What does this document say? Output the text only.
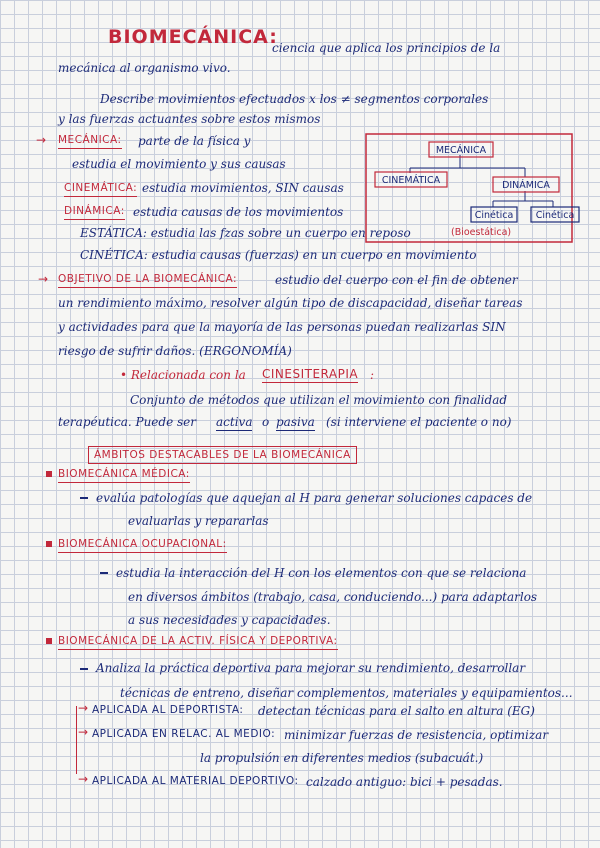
BIOMECÁNICA:
ciencia que aplica los principios de la
mecánica al organismo vivo.
Describe movimientos efectuados x los ≠ segmentos corporales
y las fuerzas actuantes sobre estos mismos
→ MECÁNICA: parte de la física y
estudia el movimiento y sus causas
CINEMÁTICA: estudia movimientos, SIN causas
DINÁMICA: estudia causas de los movimientos
ESTÁTICA: estudia las fzas sobre un cuerpo en reposo
CINÉTICA: estudia causas (fuerzas) en un cuerpo en movimiento
MECÁNICA
CINEMÁTICA	DINÁMICA
Cinética Cinética
(Bioestática)
→ OBJETIVO DE LA BIOMECÁNICA:	estudio del cuerpo con el fin de obtener
un rendimiento máximo, resolver algún tipo de discapacidad, diseñar tareas
y actividades para que la mayoría de las personas puedan realizarlas SIN
riesgo de sufrir daños. (ERGONOMÍA)
• Relacionada con la CINESITERAPIA :
Conjunto de métodos que utilizan el movimiento con finalidad
terapéutica. Puede ser activa o pasiva (si interviene el paciente o no)
ÁMBITOS DESTACABLES DE LA BIOMECÁNICA
BIOMECÁNICA MÉDICA:
evalúa patologías que aquejan al H para generar soluciones capaces de
evaluarlas y repararlas
BIOMECÁNICA OCUPACIONAL:
estudia la interacción del H con los elementos con que se relaciona
en diversos ámbitos (trabajo, casa, conduciendo...) para adaptarlos
a sus necesidades y capacidades.
BIOMECÁNICA DE LA ACTIV. FÍSICA Y DEPORTIVA:
Analiza la práctica deportiva para mejorar su rendimiento, desarrollar
técnicas de entreno, diseñar complementos, materiales y equipamientos...
→ APLICADA AL DEPORTISTA: detectan técnicas para el salto en altura (EG)
→ APLICADA EN RELAC. AL MEDIO: minimizar fuerzas de resistencia, optimizar
la propulsión en diferentes medios (subacuát.)
→ APLICADA AL MATERIAL DEPORTIVO: calzado antiguo: bici + pesadas.
